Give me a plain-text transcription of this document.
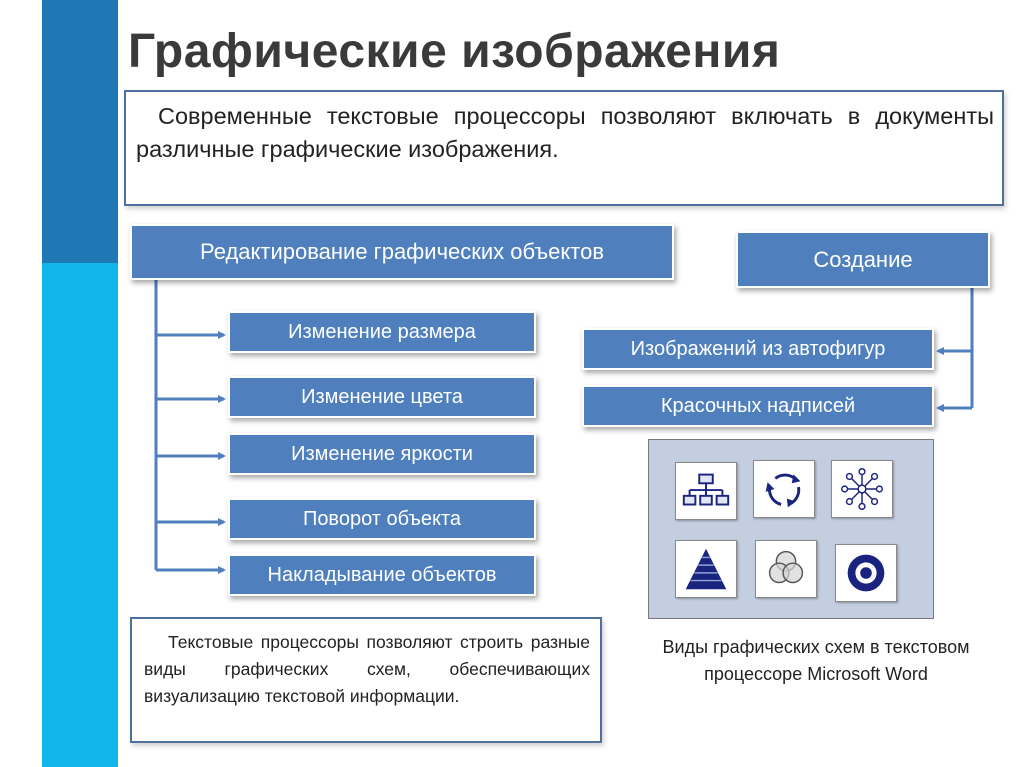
Графические изображения
Современные текстовые процессоры позволяют включать в документы различные графические изображения.
Редактирование графических объектов
Изменение размера
Изменение цвета
Изменение яркости
Поворот объекта
Накладывание объектов
Создание
Изображений из автофигур
Красочных надписей
Виды графических схем в текстовом
процессоре Microsoft Word
Текстовые процессоры позволяют строить разные виды графических схем, обеспечивающих визуализацию текстовой информации.
